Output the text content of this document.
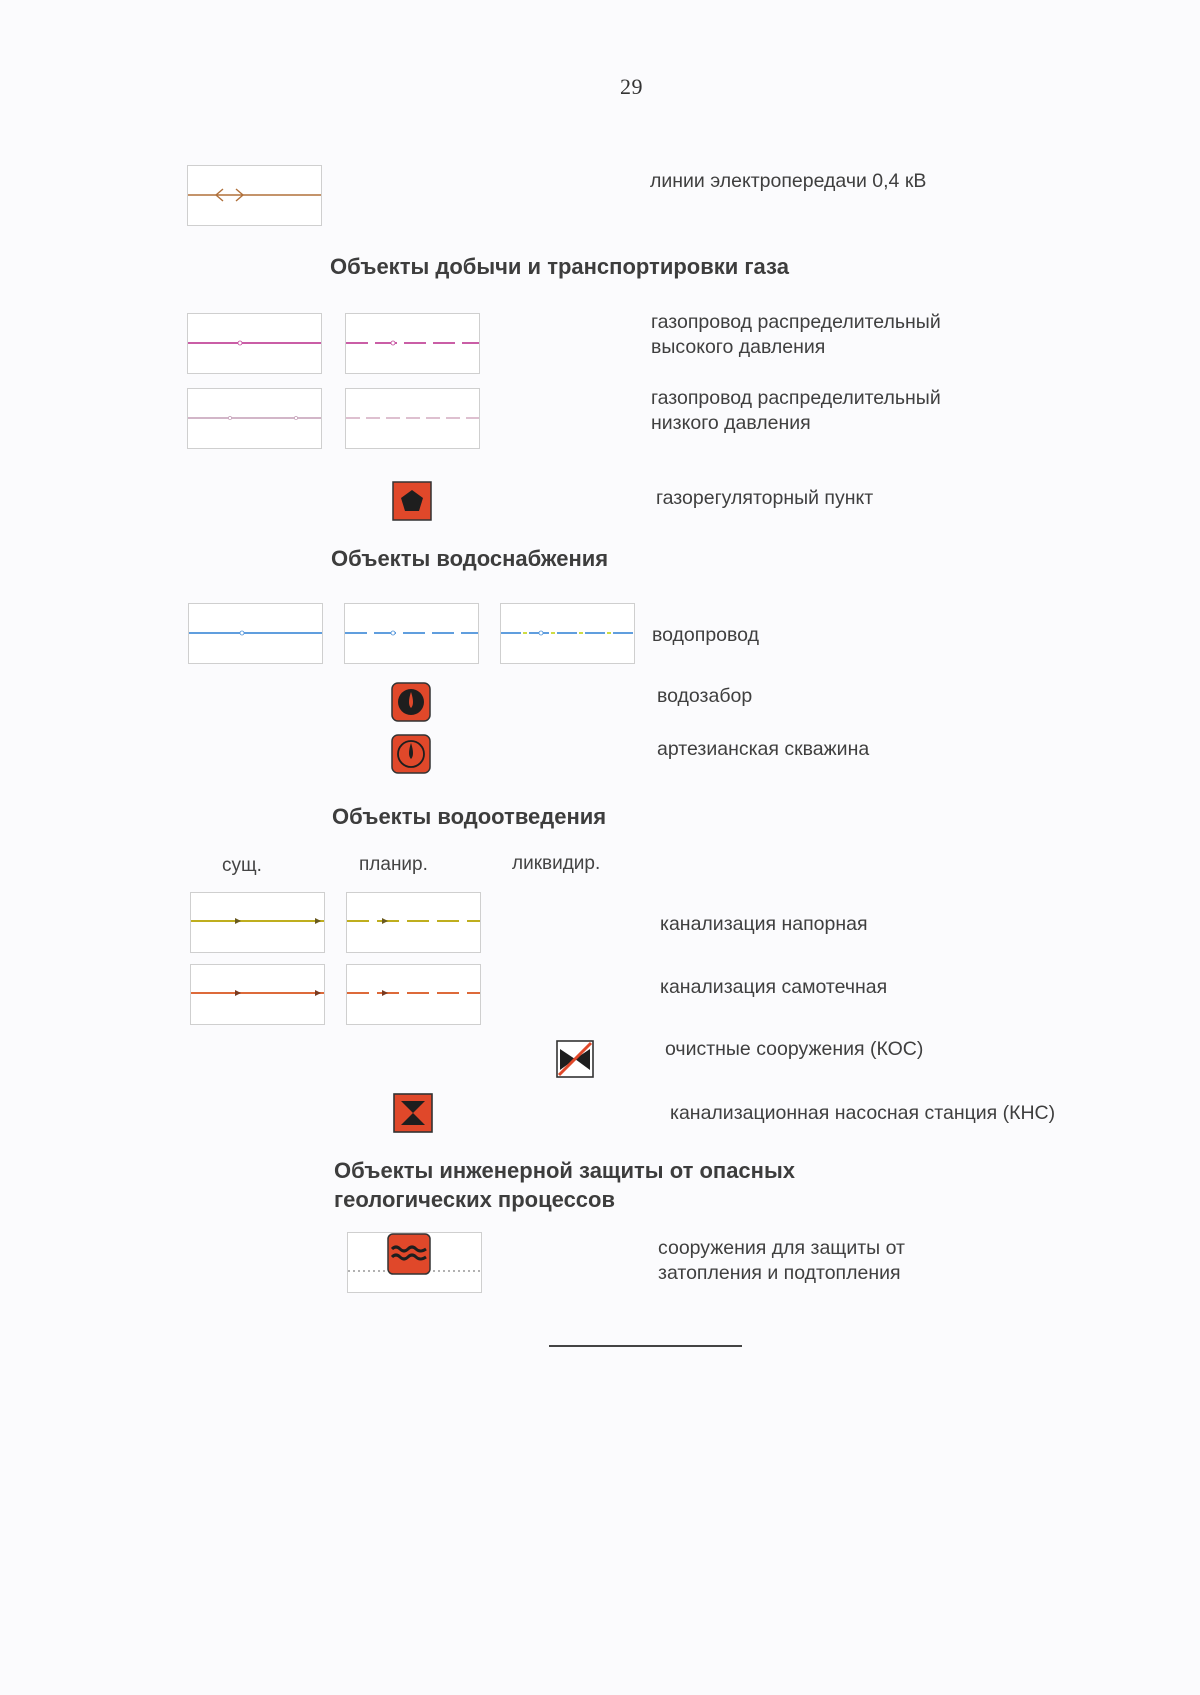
29
линии электропередачи 0,4 кВ
Объекты добычи и транспортировки газа
газопровод распределительный
высокого давления
газопровод распределительный
низкого давления
газорегуляторный пункт
Объекты водоснабжения
водопровод
водозабор
артезианская скважина
Объекты водоотведения
сущ.	планир.	ликвидир.
канализация напорная
канализация самотечная
очистные сооружения (КОС)
канализационная насосная станция (КНС)
Объекты инженерной защиты от опасных
геологических процессов
сооружения для защиты от
затопления и подтопления
